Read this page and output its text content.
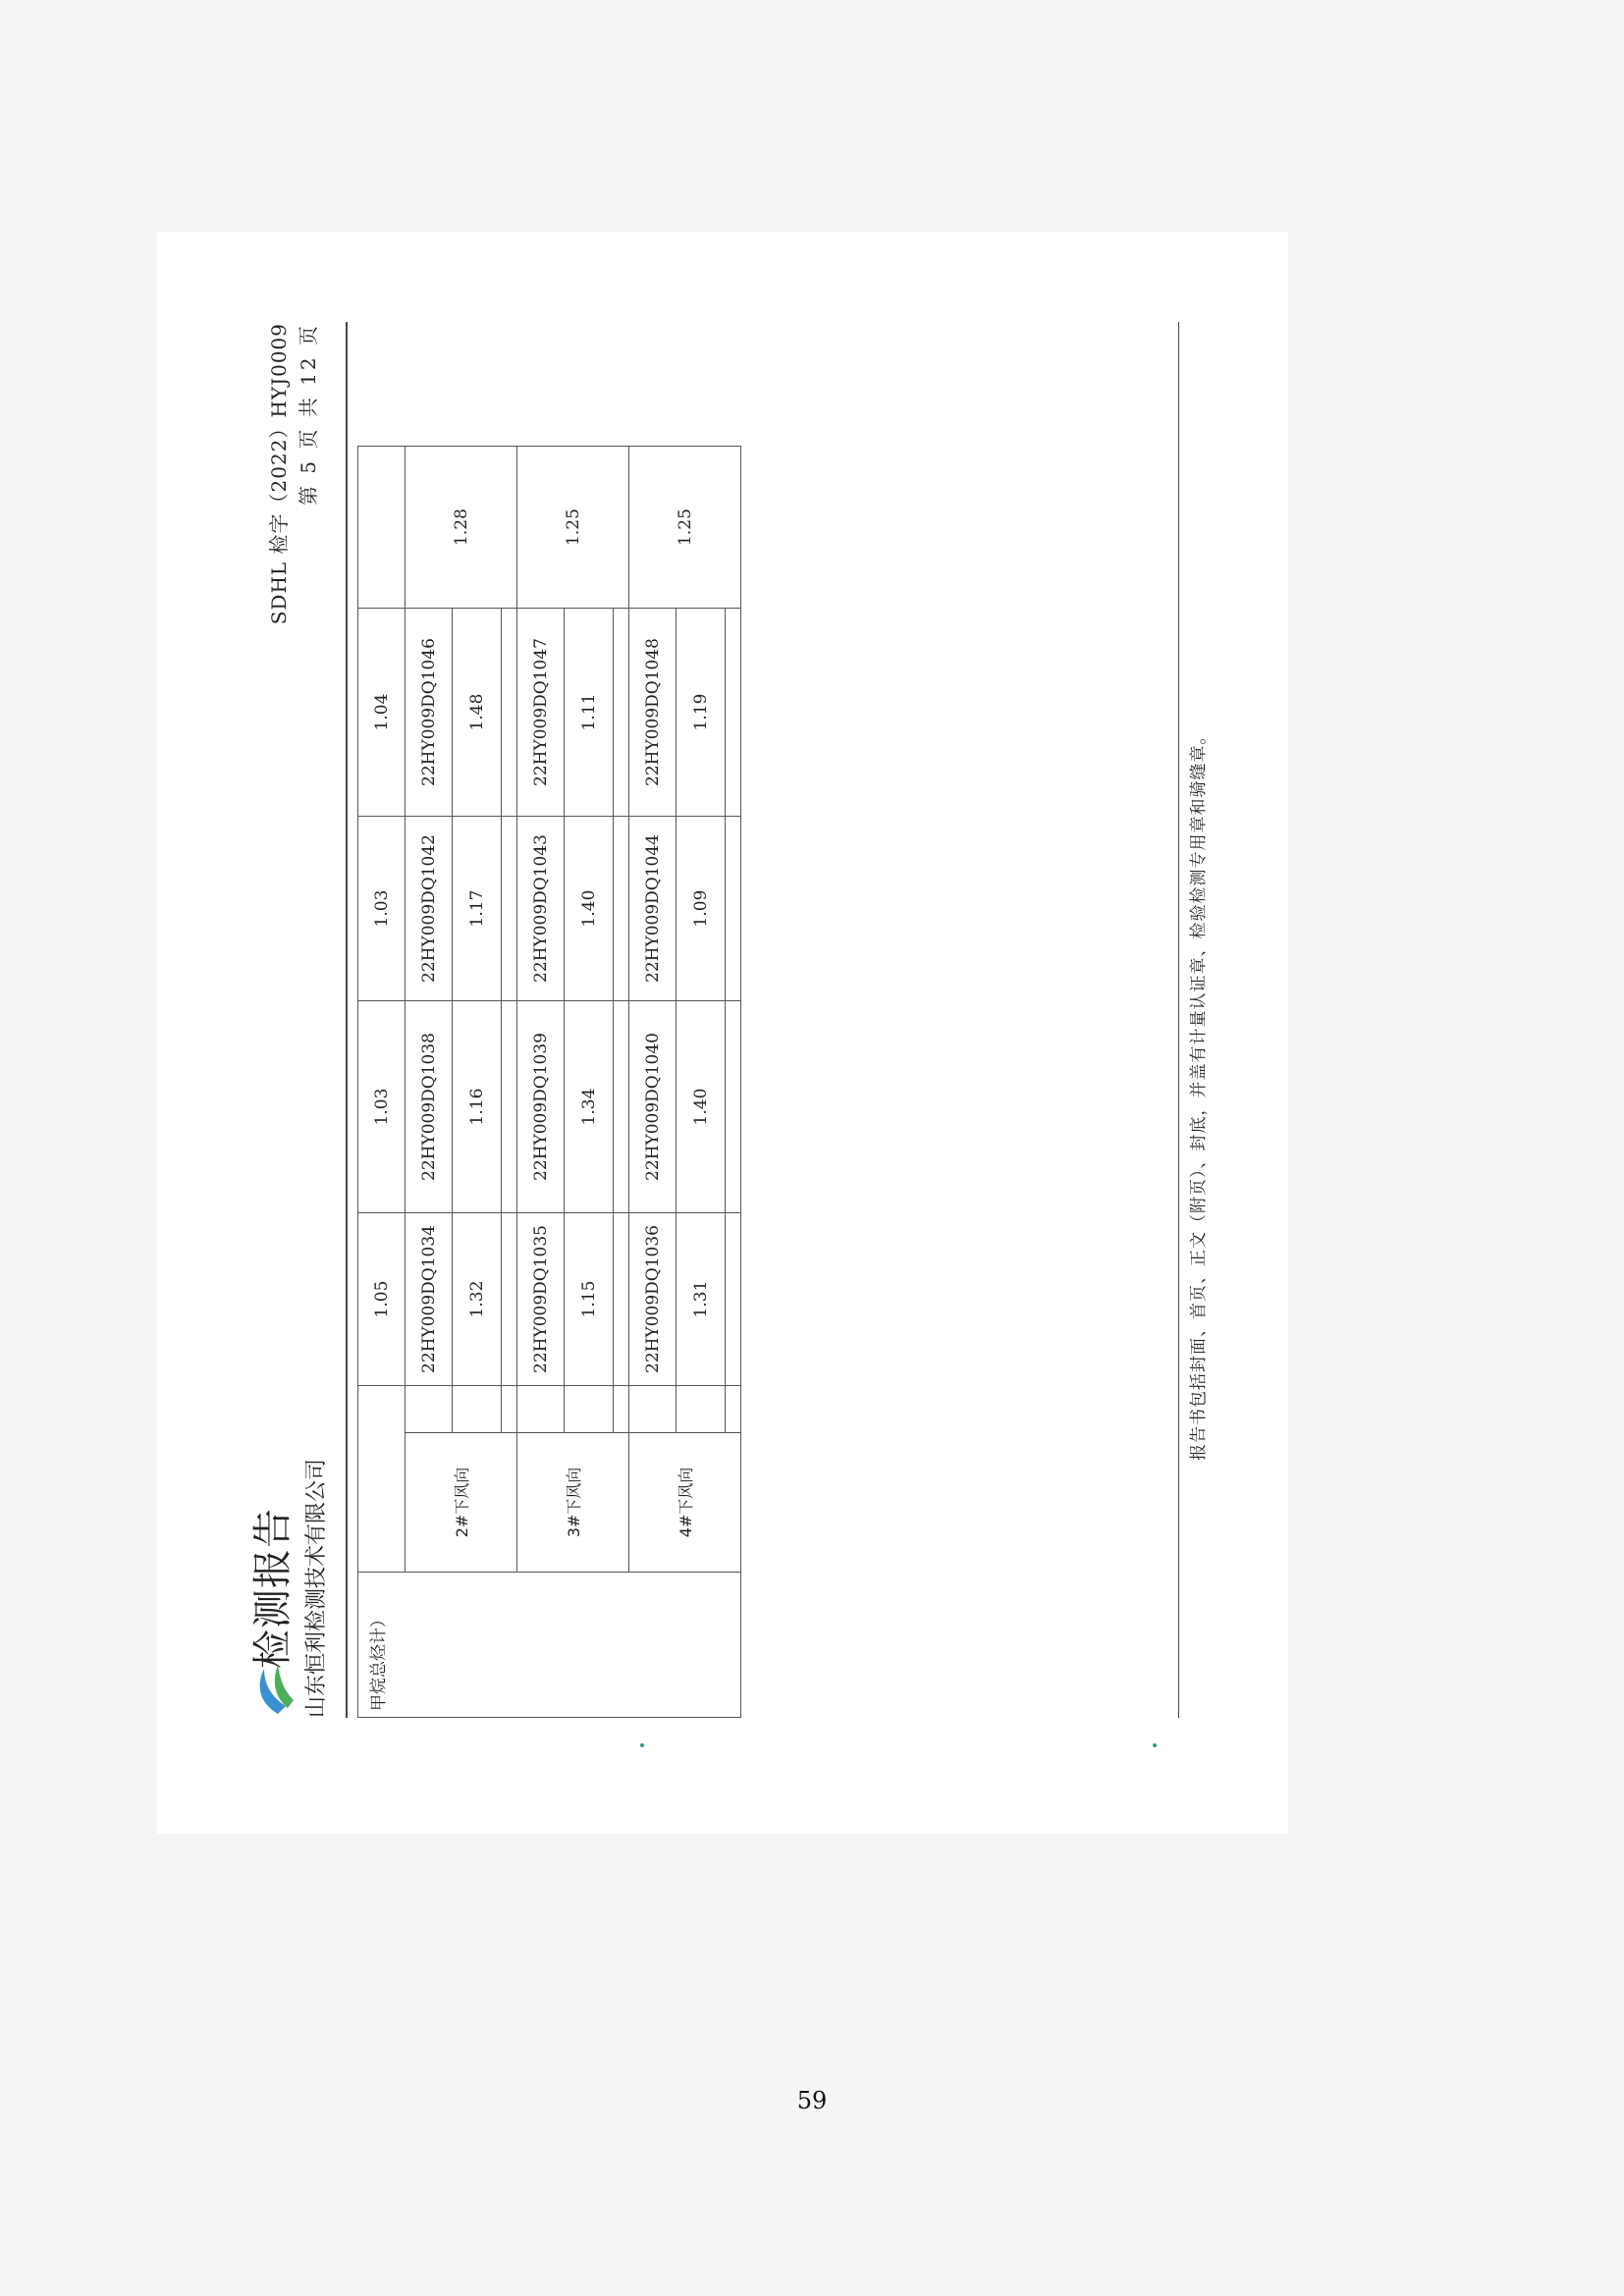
检测报告 山东恒利检测技术有限公司
SDHL 检字（2022）HYJ0009 第 5 页 共 12 页
甲烷总烃计）			1.05	1.03	1.03	1.04	
	2#下风向		22HY009DQ1034	22HY009DQ1038	22HY009DQ1042	22HY009DQ1046	1.28
			1.32	1.16	1.17	1.48	

	3#下风向		22HY009DQ1035	22HY009DQ1039	22HY009DQ1043	22HY009DQ1047	1.25
			1.15	1.34	1.40	1.11	

	4#下风向		22HY009DQ1036	22HY009DQ1040	22HY009DQ1044	22HY009DQ1048	1.25
			1.31	1.40	1.09	1.19	

报告书包括封面、首页、正文（附页）、封底，并盖有计量认证章、检验检测专用章和骑缝章。
59
